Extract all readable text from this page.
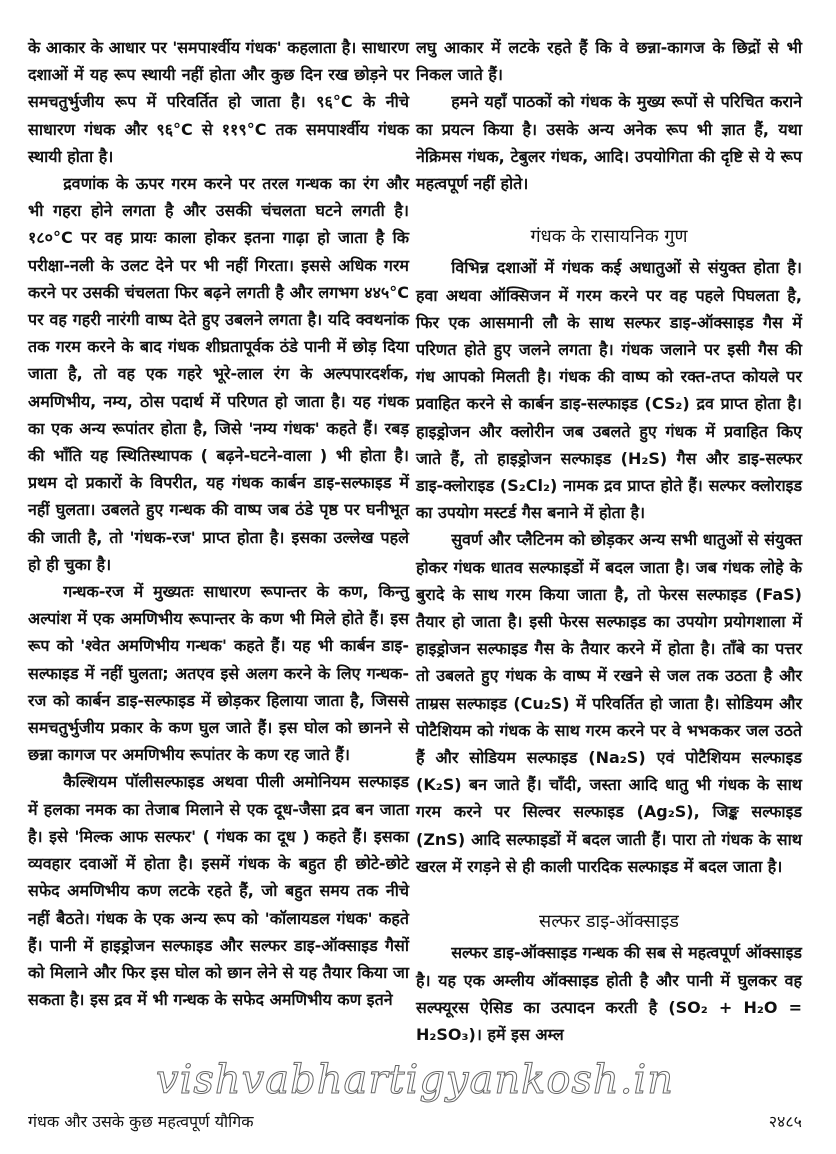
के आकार के आधार पर 'समपार्श्वीय गंधक' कहलाता है। साधारण दशाओं में यह रूप स्थायी नहीं होता और कुछ दिन रख छोड़ने पर समचतुर्भुजीय रूप में परिवर्तित हो जाता है। ९६°C के नीचे साधारण गंधक और ९६°C से ११९°C तक समपार्श्वीय गंधक स्थायी होता है।

द्रवणांक के ऊपर गरम करने पर तरल गन्धक का रंग और भी गहरा होने लगता है और उसकी चंचलता घटने लगती है। १८०°C पर वह प्रायः काला होकर इतना गाढ़ा हो जाता है कि परीक्षा-नली के उलट देने पर भी नहीं गिरता। इससे अधिक गरम करने पर उसकी चंचलता फिर बढ़ने लगती है और लगभग ४४५°C पर वह गहरी नारंगी वाष्प देते हुए उबलने लगता है। यदि क्वथनांक तक गरम करने के बाद गंधक शीघ्रतापूर्वक ठंडे पानी में छोड़ दिया जाता है, तो वह एक गहरे भूरे-लाल रंग के अल्पपारदर्शक, अमणिभीय, नम्य, ठोस पदार्थ में परिणत हो जाता है। यह गंधक का एक अन्य रूपांतर होता है, जिसे 'नम्य गंधक' कहते हैं। रबड़ की भाँति यह स्थितिस्थापक ( बढ़ने-घटने-वाला ) भी होता है। प्रथम दो प्रकारों के विपरीत, यह गंधक कार्बन डाइ-सल्फाइड में नहीं घुलता। उबलते हुए गन्धक की वाष्प जब ठंडे पृष्ठ पर घनीभूत की जाती है, तो 'गंधक-रज' प्राप्त होता है। इसका उल्लेख पहले हो ही चुका है।

गन्धक-रज में मुख्यतः साधारण रूपान्तर के कण, किन्तु अल्पांश में एक अमणिभीय रूपान्तर के कण भी मिले होते हैं। इस रूप को 'श्वेत अमणिभीय गन्धक' कहते हैं। यह भी कार्बन डाइ-सल्फाइड में नहीं घुलता; अतएव इसे अलग करने के लिए गन्धक-रज को कार्बन डाइ-सल्फाइड में छोड़कर हिलाया जाता है, जिससे समचतुर्भुजीय प्रकार के कण घुल जाते हैं। इस घोल को छानने से छन्ना कागज पर अमणिभीय रूपांतर के कण रह जाते हैं।

कैल्शियम पॉलीसल्फाइड अथवा पीली अमोनियम सल्फाइड में हलका नमक का तेजाब मिलाने से एक दूध-जैसा द्रव बन जाता है। इसे 'मिल्क आफ सल्फर' ( गंधक का दूध ) कहते हैं। इसका व्यवहार दवाओं में होता है। इसमें गंधक के बहुत ही छोटे-छोटे सफेद अमणिभीय कण लटके रहते हैं, जो बहुत समय तक नीचे नहीं बैठते। गंधक के एक अन्य रूप को 'कॉलायडल गंधक' कहते हैं। पानी में हाइड्रोजन सल्फाइड और सल्फर डाइ-ऑक्साइड गैसों को मिलाने और फिर इस घोल को छान लेने से यह तैयार किया जा सकता है। इस द्रव में भी गन्धक के सफेद अमणिभीय कण इतने

लघु आकार में लटके रहते हैं कि वे छन्ना-कागज के छिद्रों से भी निकल जाते हैं।

हमने यहाँ पाठकों को गंधक के मुख्य रूपों से परिचित कराने का प्रयत्न किया है। उसके अन्य अनेक रूप भी ज्ञात हैं, यथा नेक्रिमस गंधक, टेबुलर गंधक, आदि। उपयोगिता की दृष्टि से ये रूप महत्वपूर्ण नहीं होते।

गंधक के रासायनिक गुण

विभिन्न दशाओं में गंधक कई अधातुओं से संयुक्त होता है। हवा अथवा ऑक्सिजन में गरम करने पर वह पहले पिघलता है, फिर एक आसमानी लौ के साथ सल्फर डाइ-ऑक्साइड गैस में परिणत होते हुए जलने लगता है। गंधक जलाने पर इसी गैस की गंध आपको मिलती है। गंधक की वाष्प को रक्त-तप्त कोयले पर प्रवाहित करने से कार्बन डाइ-सल्फाइड (CS₂) द्रव प्राप्त होता है। हाइड्रोजन और क्लोरीन जब उबलते हुए गंधक में प्रवाहित किए जाते हैं, तो हाइड्रोजन सल्फाइड (H₂S) गैस और डाइ-सल्फर डाइ-क्लोराइड (S₂Cl₂) नामक द्रव प्राप्त होते हैं। सल्फर क्लोराइड का उपयोग मस्टर्ड गैस बनाने में होता है।

सुवर्ण और प्लैटिनम को छोड़कर अन्य सभी धातुओं से संयुक्त होकर गंधक धातव सल्फाइडों में बदल जाता है। जब गंधक लोहे के बुरादे के साथ गरम किया जाता है, तो फेरस सल्फाइड (FaS) तैयार हो जाता है। इसी फेरस सल्फाइड का उपयोग प्रयोगशाला में हाइड्रोजन सल्फाइड गैस के तैयार करने में होता है। ताँबे का पत्तर तो उबलते हुए गंधक के वाष्प में रखने से जल तक उठता है और ताम्रस सल्फाइड (Cu₂S) में परिवर्तित हो जाता है। सोडियम और पोटैशियम को गंधक के साथ गरम करने पर वे भभककर जल उठते हैं और सोडियम सल्फाइड (Na₂S) एवं पोटैशियम सल्फाइड (K₂S) बन जाते हैं। चाँदी, जस्ता आदि धातु भी गंधक के साथ गरम करने पर सिल्वर सल्फाइड (Ag₂S), जिङ्क सल्फाइड (ZnS) आदि सल्फाइडों में बदल जाती हैं। पारा तो गंधक के साथ खरल में रगड़ने से ही काली पारदिक सल्फाइड में बदल जाता है।

सल्फर डाइ-ऑक्साइड

सल्फर डाइ-ऑक्साइड गन्धक की सब से महत्वपूर्ण ऑक्साइड है। यह एक अम्लीय ऑक्साइड होती है और पानी में घुलकर वह सल्फ्यूरस ऐसिड का उत्पादन करती है (SO₂ + H₂O = H₂SO₃)। हमें इस अम्ल

vishvabhartigyankosh.in
गंधक और उसके कुछ महत्वपूर्ण यौगिक	२४८५
